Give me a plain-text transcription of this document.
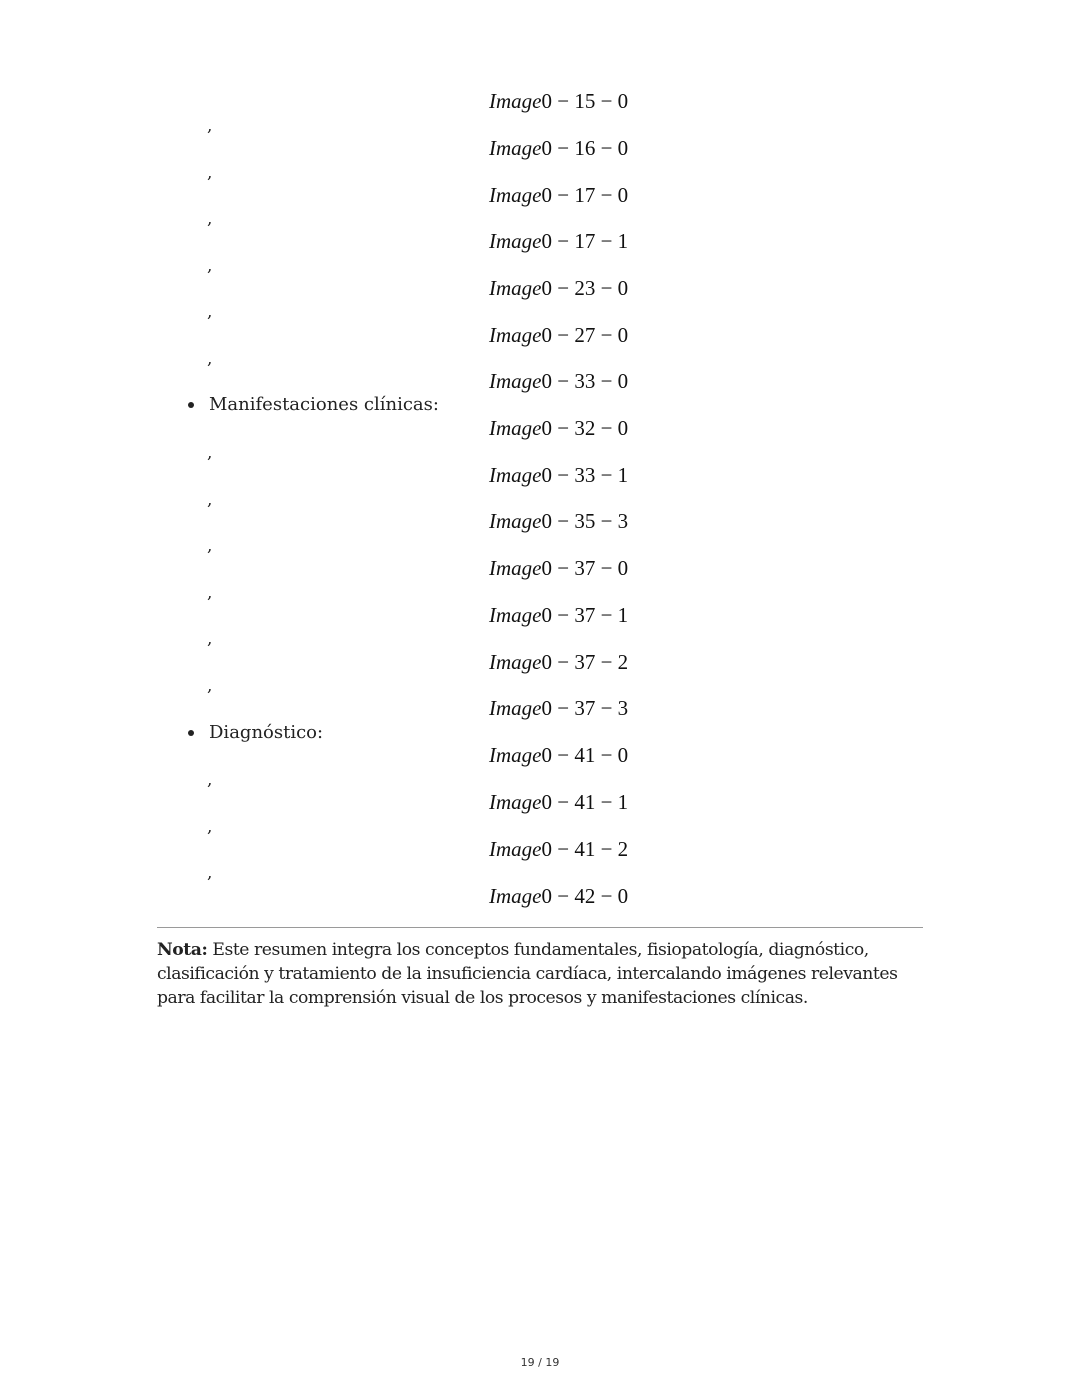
Image0 − 15 − 0
,
Image0 − 16 − 0
,
Image0 − 17 − 0
,
Image0 − 17 − 1
,
Image0 − 23 − 0
,
Image0 − 27 − 0
,
Image0 − 33 − 0
Manifestaciones clínicas:
Image0 − 32 − 0
,
Image0 − 33 − 1
,
Image0 − 35 − 3
,
Image0 − 37 − 0
,
Image0 − 37 − 1
,
Image0 − 37 − 2
,
Image0 − 37 − 3
Diagnóstico:
Image0 − 41 − 0
,
Image0 − 41 − 1
,
Image0 − 41 − 2
,
Image0 − 42 − 0

Nota: Este resumen integra los conceptos fundamentales, fisiopatología, diagnóstico, clasificación y tratamiento de la insuficiencia cardíaca, intercalando imágenes relevantes para facilitar la comprensión visual de los procesos y manifestaciones clínicas.

19 / 19
